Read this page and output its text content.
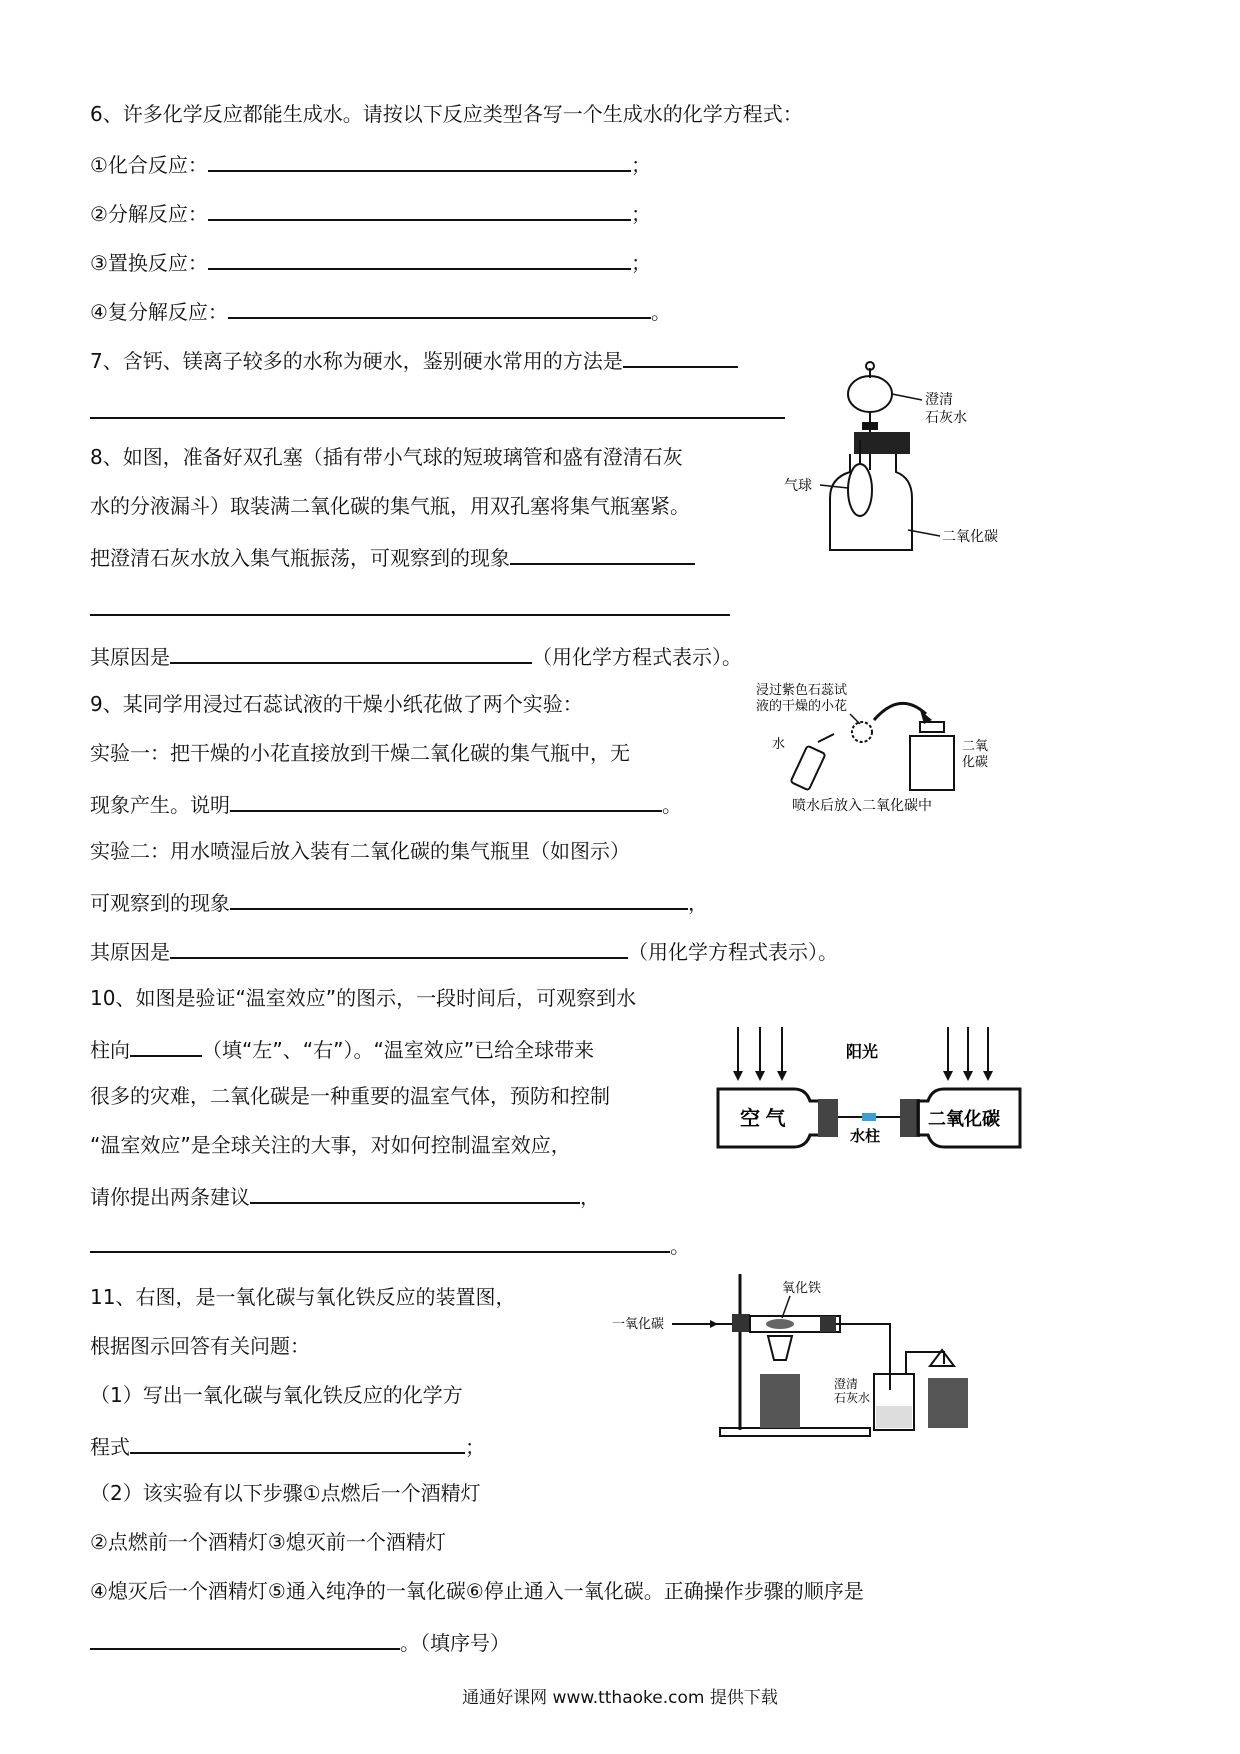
6、许多化学反应都能生成水。请按以下反应类型各写一个生成水的化学方程式：
①化合反应：	；
②分解反应：	；
③置换反应：	；
④复分解反应：	。
7、含钙、镁离子较多的水称为硬水，鉴别硬水常用的方法是
8、如图，准备好双孔塞（插有带小气球的短玻璃管和盛有澄清石灰
水的分液漏斗）取装满二氧化碳的集气瓶，用双孔塞将集气瓶塞紧。
把澄清石灰水放入集气瓶振荡，可观察到的现象
其原因是	（用化学方程式表示）。
澄清
石灰水
气球
二氧化碳
9、某同学用浸过石蕊试液的干燥小纸花做了两个实验：
实验一：把干燥的小花直接放到干燥二氧化碳的集气瓶中，无
现象产生。说明	。
实验二：用水喷湿后放入装有二氧化碳的集气瓶里（如图示）
可观察到的现象	，
其原因是	（用化学方程式表示）。
浸过紫色石蕊试
液的干燥的小花
水	二氧
化碳
喷水后放入二氧化碳中
10、如图是验证“温室效应”的图示，一段时间后，可观察到水
柱向	（填“左”、“右”）。“温室效应”已给全球带来
很多的灾难，二氧化碳是一种重要的温室气体，预防和控制
“温室效应”是全球关注的大事，对如何控制温室效应，
请你提出两条建议	，
。
阳光
空 气
水柱
二氧化碳
11、右图，是一氧化碳与氧化铁反应的装置图，
根据图示回答有关问题：
（1）写出一氧化碳与氧化铁反应的化学方
程式	；
（2）该实验有以下步骤①点燃后一个酒精灯
②点燃前一个酒精灯③熄灭前一个酒精灯
④熄灭后一个酒精灯⑤通入纯净的一氧化碳⑥停止通入一氧化碳。正确操作步骤的顺序是
。（填序号）
一氧化碳
氧化铁
澄清
石灰水
通通好课网 www.tthaoke.com 提供下载
